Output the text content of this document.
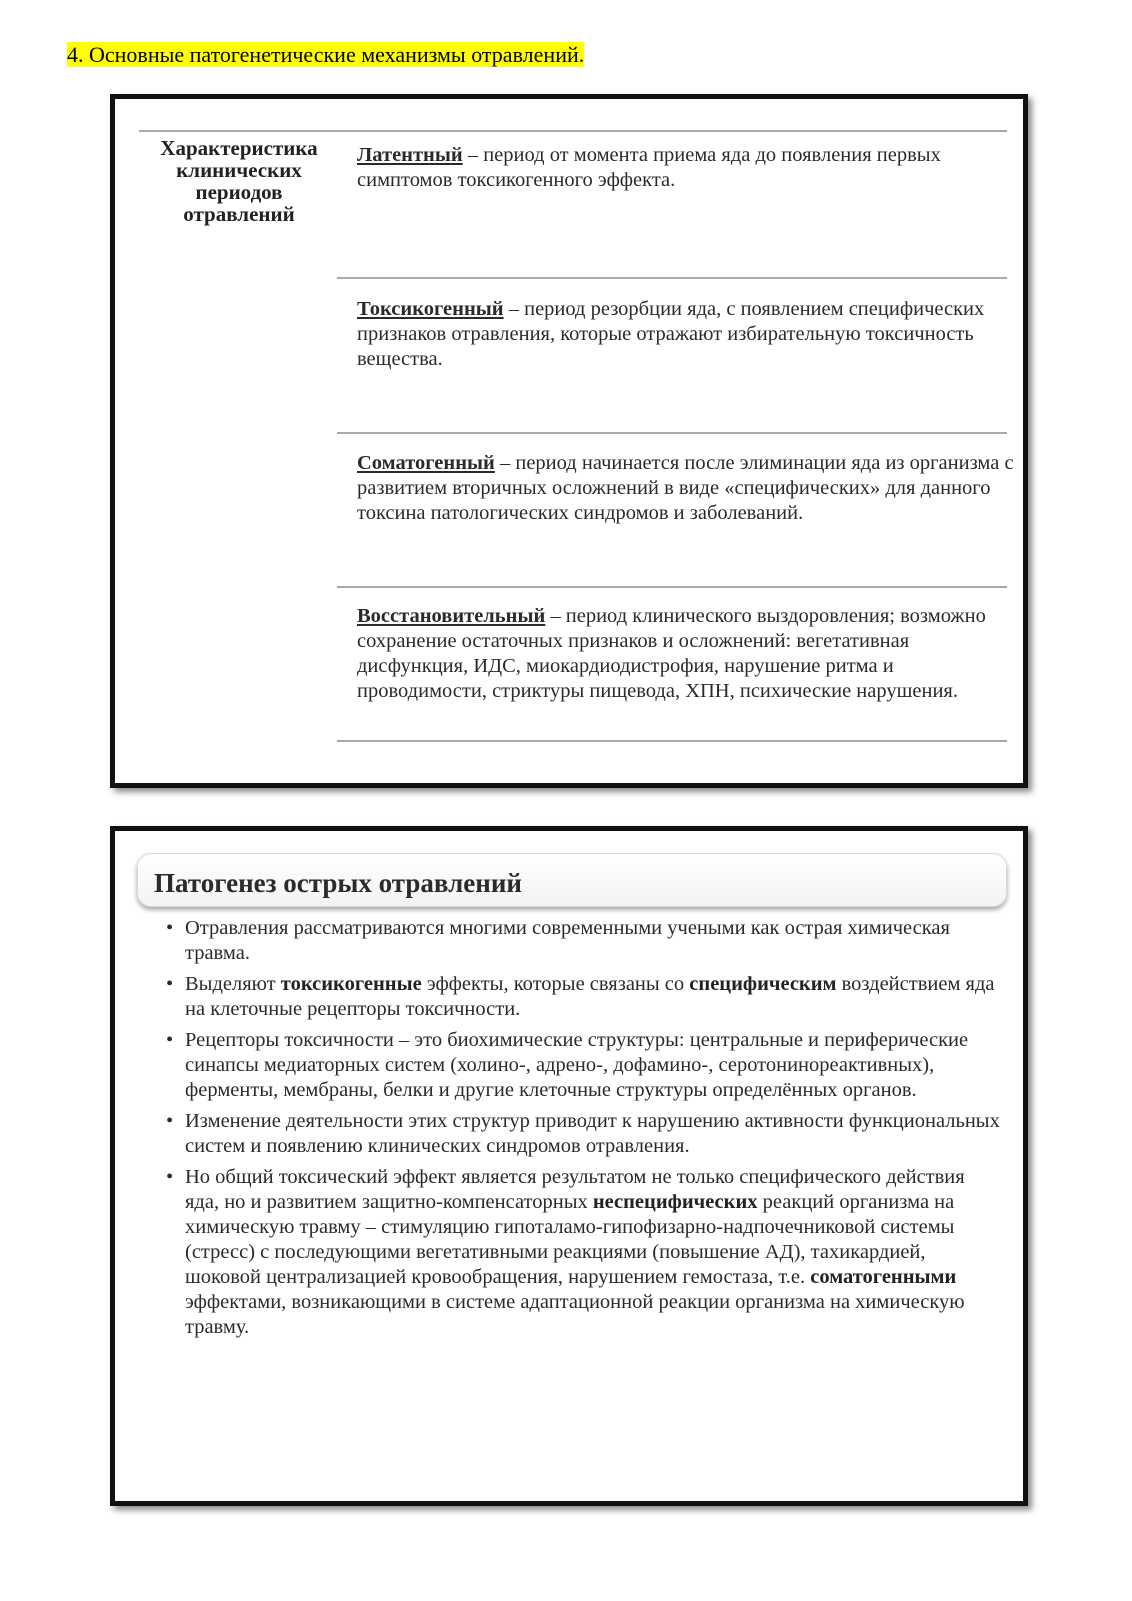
4. Основные патогенетические механизмы отравлений.
Характеристика клинических периодов отравлений
Латентный – период от момента приема яда до появления первых симптомов токсикогенного эффекта.
Токсикогенный – период резорбции яда, с появлением специфических признаков отравления, которые отражают избирательную токсичность вещества.
Соматогенный – период начинается после элиминации яда из организма с развитием вторичных осложнений в виде «специфических» для данного токсина патологических синдромов и заболеваний.
Восстановительный – период клинического выздоровления; возможно сохранение остаточных признаков и осложнений: вегетативная дисфункция, ИДС, миокардиодистрофия, нарушение ритма и проводимости, стриктуры пищевода, ХПН, психические нарушения.
Патогенез острых отравлений
• Отравления рассматриваются многими современными учеными как острая химическая травма.
• Выделяют токсикогенные эффекты, которые связаны со специфическим воздействием яда на клеточные рецепторы токсичности.
• Рецепторы токсичности – это биохимические структуры: центральные и периферические синапсы медиаторных систем (холино-, адрено-, дофамино-, серотонинореактивных), ферменты, мембраны, белки и другие клеточные структуры определённых органов.
• Изменение деятельности этих структур приводит к нарушению активности функциональных систем и появлению клинических синдромов отравления.
• Но общий токсический эффект является результатом не только специфического действия яда, но и развитием защитно-компенсаторных неспецифических реакций организма на химическую травму – стимуляцию гипоталамо-гипофизарно-надпочечниковой системы (стресс) с последующими вегетативными реакциями (повышение АД), тахикардией, шоковой централизацией кровообращения, нарушением гемостаза, т.е. соматогенными эффектами, возникающими в системе адаптационной реакции организма на химическую травму.
